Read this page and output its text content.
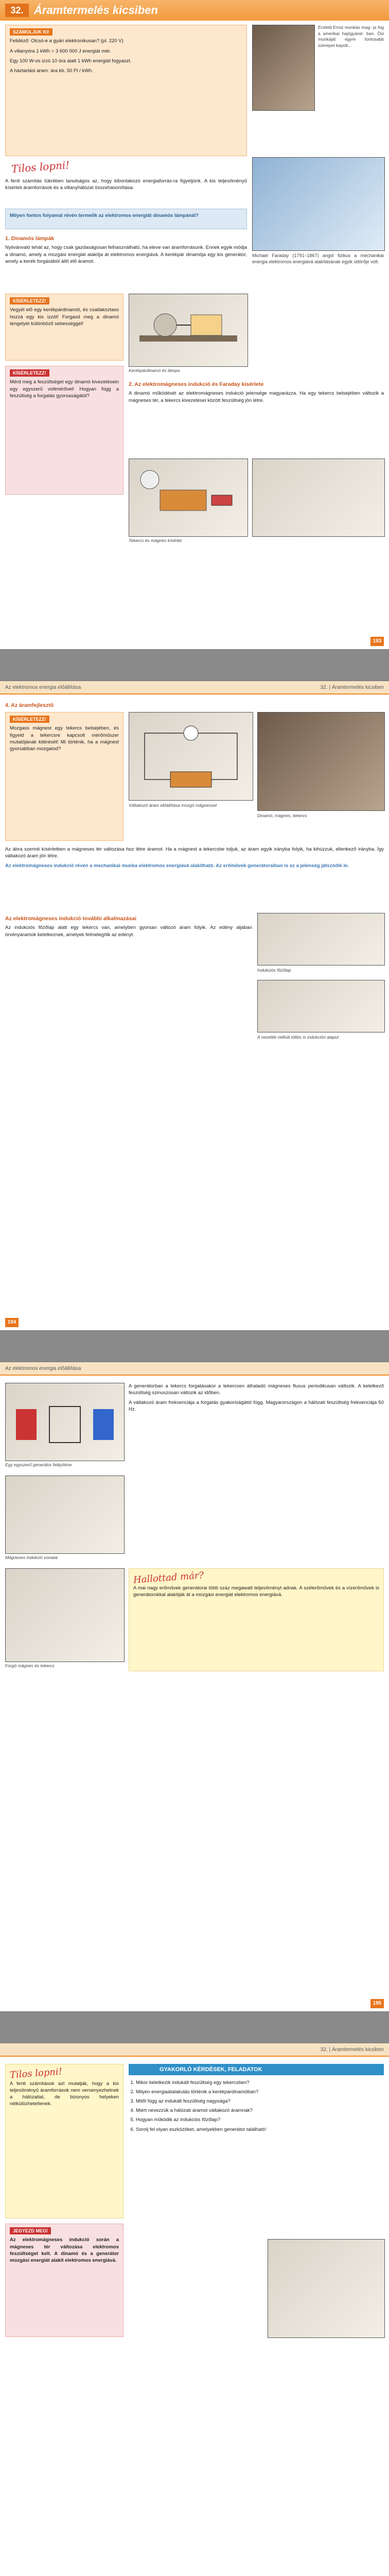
32. Áramtermelés kicsiben
SZÁMOLJUK KI!

Felidéző: Olcsó-e a gyári elektronikusan? (pl. 220 V)

A villanyóra 1 kWh = 3 600 000 J energiát mér.

Egy 100 W-os izzó 10 óra alatt 1 kWh energiát fogyaszt.

A háztartási áram: ára kb. 50 Ft / kWh.

Ersfeld Ernst munkás mag- ja fog a amerikai hajógyárat- ban. Ősi munkáját egyre fontosabb szerepet kapott...
Tilos lopni!
A fenti számítás tükrében tanulságos az, hogy kibontakozó energiaforrás-ra figyeljünk. A kis teljesítményű kísérleti áramforrások és a villanyhálózat összehasonlítása.
Milyen fontos folyamat révén termelik az elektromos energiát dinamós lámpánál?
1. Dinamós lámpák

Nyilvánvaló tehát az, hogy csak gazdaságosan felhasználható, ha eleve van áramforrásunk. Ennek egyik módja a dinamó, amely a mozgási energiát alakítja át elektromos energiává. A kerékpár dinamója egy kis generátor, amely a kerék forgásából állít elő áramot.

KÍSÉRLETEZZ!

Vegyél elő egy kerékpárdinamót, és csatlakoztass hozzá egy kis izzót! Forgasd meg a dinamó tengelyét különböző sebességgel!

Kerékpárdinamó és lámpa
Michael Faraday (1791–1867) angol fizikus a mechanikai energia elektromos energiává alakításának egyik úttörője volt.
2. Az elektromágneses indukció és Faraday kísérlete

A dinamó működését az elektromágneses indukció jelensége magyarázza. Ha egy tekercs belsejében változik a mágneses tér, a tekercs kivezetései között feszültség jön létre.

KÍSÉRLETEZZ!

Mérd meg a feszültséget egy dinamó kivezetésein egy egyszerű voltmérővel! Hogyan függ a feszültség a forgatás gyorsaságától?

Tekercs és mágnes kísérlet
193
Az elektromos energia előállítása	32. | Áramtermelés kicsiben
4. Az áramfejlesztő
KÍSÉRLETEZZ!

Mozgass mágnest egy tekercs belsejében, és figyeld a tekercsre kapcsolt mérőműszer mutatójának kitérését! Mi történik, ha a mágnest gyorsabban mozgatod?

Váltakozó áram előállítása mozgó mágnessel
Dinamó, mágnes, tekercs

Az ábra szerinti kísérletben a mágneses tér változása hoz létre áramot. Ha a mágnest a tekercsbe toljuk, az áram egyik irányba folyik, ha kihúzzuk, ellenkező irányba. Így váltakozó áram jön létre.

Az elektromágneses indukció révén a mechanikai munka elektromos energiává alakítható. Az erőművek generátoraiban is ez a jelenség játszódik le.

Az elektromágneses indukció további alkalmazásai

Az indukciós főzőlap alatt egy tekercs van, amelyben gyorsan változó áram folyik. Az edény aljában örvényáramok keletkeznek, amelyek felmelegítik az edényt.

Indukciós főzőlap
A vezeték nélküli töltés is indukción alapul
194
Az elektromos energia előállítása
Egy egyszerű generátor felépítése
Mágneses indukció vonalai

A generátorban a tekercs forgatásakor a tekercsen áthaladó mágneses fluxus periodikusan változik. A keletkező feszültség szinuszosan változik az időben.

A váltakozó áram frekvenciája a forgatás gyakoriságától függ. Magyarországon a hálózati feszültség frekvenciája 50 Hz.

Forgó mágnes és tekercs
Hallottad már?

A mai nagy erőművek generátorai több száz megawatt teljesítményt adnak. A szélerőművek és a vízerőművek is generátorokkal alakítják át a mozgási energiát elektromos energiává.

195
32. | Áramtermelés kicsiben
Tilos lopni!

A fenti számítások azt mutatják, hogy a kis teljesítményű áramforrások nem versenyezhetnek a hálózattal, de bizonyos helyeken nélkülözhetetlenek.

JEGYEZD MEG!

Az elektromágneses indukció során a mágneses tér változása elektromos feszültséget kelt. A dinamó és a generátor mozgási energiát alakít elektromos energiává.

GYAKORLÓ KÉRDÉSEK, FELADATOK
1. Mikor keletkezik indukált feszültség egy tekercsben?
2. Milyen energiaátalakulás történik a kerékpárdinamóban?
3. Mitől függ az indukált feszültség nagysága?
4. Miért nevezzük a hálózati áramot váltakozó áramnak?
5. Hogyan működik az indukciós főzőlap?
6. Sorolj fel olyan eszközöket, amelyekben generátor található!
